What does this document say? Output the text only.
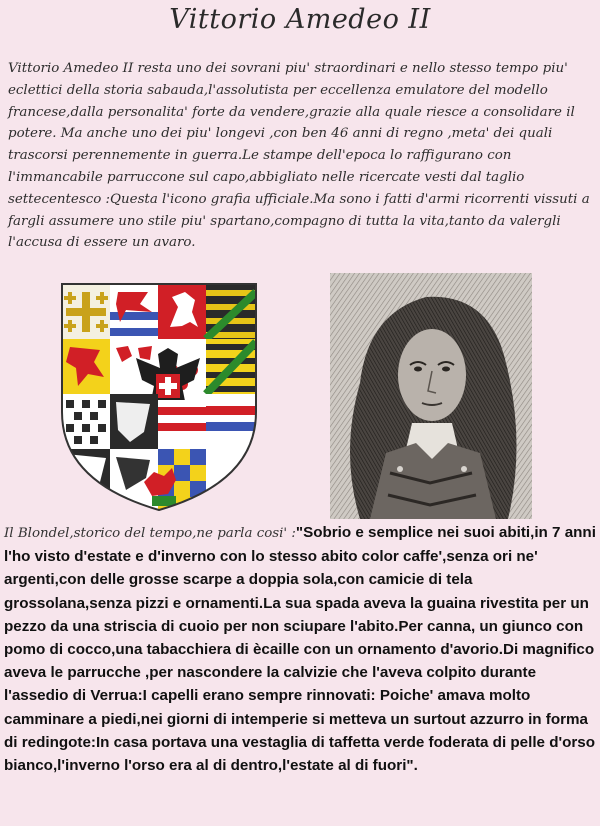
Vittorio Amedeo II

Vittorio Amedeo II resta uno dei sovrani piu' straordinari e nello stesso tempo piu' eclettici della storia sabauda,l'assolutista per eccellenza emulatore del modello francese,dalla personalita' forte da vendere,grazie alla quale riesce a consolidare il potere. Ma anche uno dei piu' longevi ,con ben 46 anni di regno ,meta' dei quali trascorsi perennemente in guerra.Le stampe dell'epoca lo raffigurano con l'immancabile parruccone sul capo,abbigliato nelle ricercate vesti dal taglio settecentesco :Questa l'icono grafia ufficiale.Ma sono i fatti d'armi ricorrenti vissuti a fargli assumere uno stile piu' spartano,compagno di tutta la vita,tanto da valergli l'accusa di essere un avaro.

Il Blondel,storico del tempo,ne parla cosi' :"Sobrio e semplice nei suoi abiti,in 7 anni l'ho visto d'estate e d'inverno con lo stesso abito color caffe',senza ori ne' argenti,con delle grosse scarpe a doppia sola,con camicie di tela grossolana,senza pizzi e ornamenti.La sua spada aveva la guaina rivestita per un pezzo da una striscia di cuoio per non sciupare l'abito.Per canna, un giunco con pomo di cocco,una tabacchiera di ècaille con un ornamento d'avorio.Di magnifico aveva le parrucche ,per nascondere la calvizie che l'aveva colpito durante l'assedio di Verrua:I capelli erano sempre rinnovati: Poiche' amava molto camminare a piedi,nei giorni di intemperie si metteva un surtout azzurro in forma di redingote:In casa portava una vestaglia di taffetta verde foderata di pelle d'orso bianco,l'inverno l'orso era al di dentro,l'estate al di fuori".
